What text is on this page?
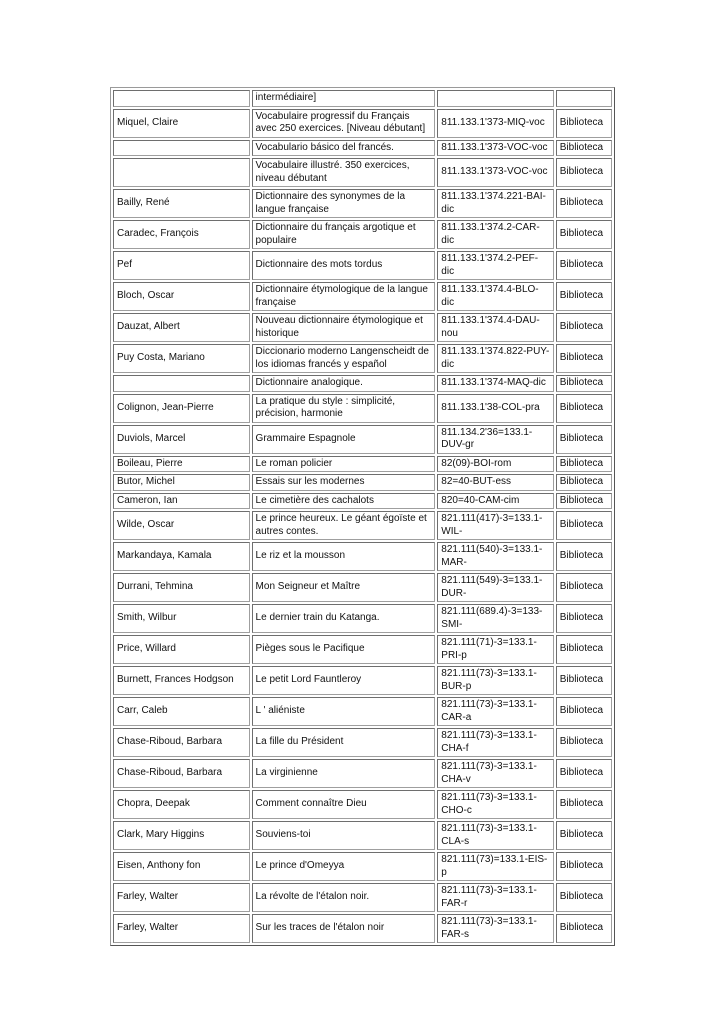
	intermédiaire]		
Miquel, Claire	Vocabulaire progressif du Français avec 250 exercices. [Niveau débutant]	811.133.1'373-MIQ-voc	Biblioteca
	Vocabulario básico del francés.	811.133.1'373-VOC-voc	Biblioteca
	Vocabulaire illustré. 350 exercices, niveau débutant	811.133.1'373-VOC-voc	Biblioteca
Bailly, René	Dictionnaire des synonymes de la langue française	811.133.1'374.221-BAI-dic	Biblioteca
Caradec, François	Dictionnaire du français argotique et populaire	811.133.1'374.2-CAR-dic	Biblioteca
Pef	Dictionnaire des mots tordus	811.133.1'374.2-PEF-dic	Biblioteca
Bloch, Oscar	Dictionnaire étymologique de la langue française	811.133.1'374.4-BLO-dic	Biblioteca
Dauzat, Albert	Nouveau dictionnaire étymologique et historique	811.133.1'374.4-DAU-nou	Biblioteca
Puy Costa, Mariano	Diccionario moderno Langenscheidt de los idiomas francés y español	811.133.1'374.822-PUY-dic	Biblioteca
	Dictionnaire analogique.	811.133.1'374-MAQ-dic	Biblioteca
Colignon, Jean-Pierre	La pratique du style : simplicité, précision, harmonie	811.133.1'38-COL-pra	Biblioteca
Duviols, Marcel	Grammaire Espagnole	811.134.2'36=133.1-DUV-gr	Biblioteca
Boileau, Pierre	Le roman policier	82(09)-BOI-rom	Biblioteca
Butor, Michel	Essais sur les modernes	82=40-BUT-ess	Biblioteca
Cameron, Ian	Le cimetière des cachalots	820=40-CAM-cim	Biblioteca
Wilde, Oscar	Le prince heureux. Le géant égoïste et autres contes.	821.111(417)-3=133.1-WIL-	Biblioteca
Markandaya, Kamala	Le riz et la mousson	821.111(540)-3=133.1-MAR-	Biblioteca
Durrani, Tehmina	Mon Seigneur et Maître	821.111(549)-3=133.1-DUR-	Biblioteca
Smith, Wilbur	Le dernier train du Katanga.	821.111(689.4)-3=133-SMI-	Biblioteca
Price, Willard	Pièges sous le Pacifique	821.111(71)-3=133.1-PRI-p	Biblioteca
Burnett, Frances Hodgson	Le petit Lord Fauntleroy	821.111(73)-3=133.1-BUR-p	Biblioteca
Carr, Caleb	L ' aliéniste	821.111(73)-3=133.1-CAR-a	Biblioteca
Chase-Riboud, Barbara	La fille du Président	821.111(73)-3=133.1-CHA-f	Biblioteca
Chase-Riboud, Barbara	La virginienne	821.111(73)-3=133.1-CHA-v	Biblioteca
Chopra, Deepak	Comment connaître Dieu	821.111(73)-3=133.1-CHO-c	Biblioteca
Clark, Mary Higgins	Souviens-toi	821.111(73)-3=133.1-CLA-s	Biblioteca
Eisen, Anthony fon	Le prince d'Omeyya	821.111(73)=133.1-EIS-p	Biblioteca
Farley, Walter	La révolte de l'étalon noir.	821.111(73)-3=133.1-FAR-r	Biblioteca
Farley, Walter	Sur les traces de l'étalon noir	821.111(73)-3=133.1-FAR-s	Biblioteca
